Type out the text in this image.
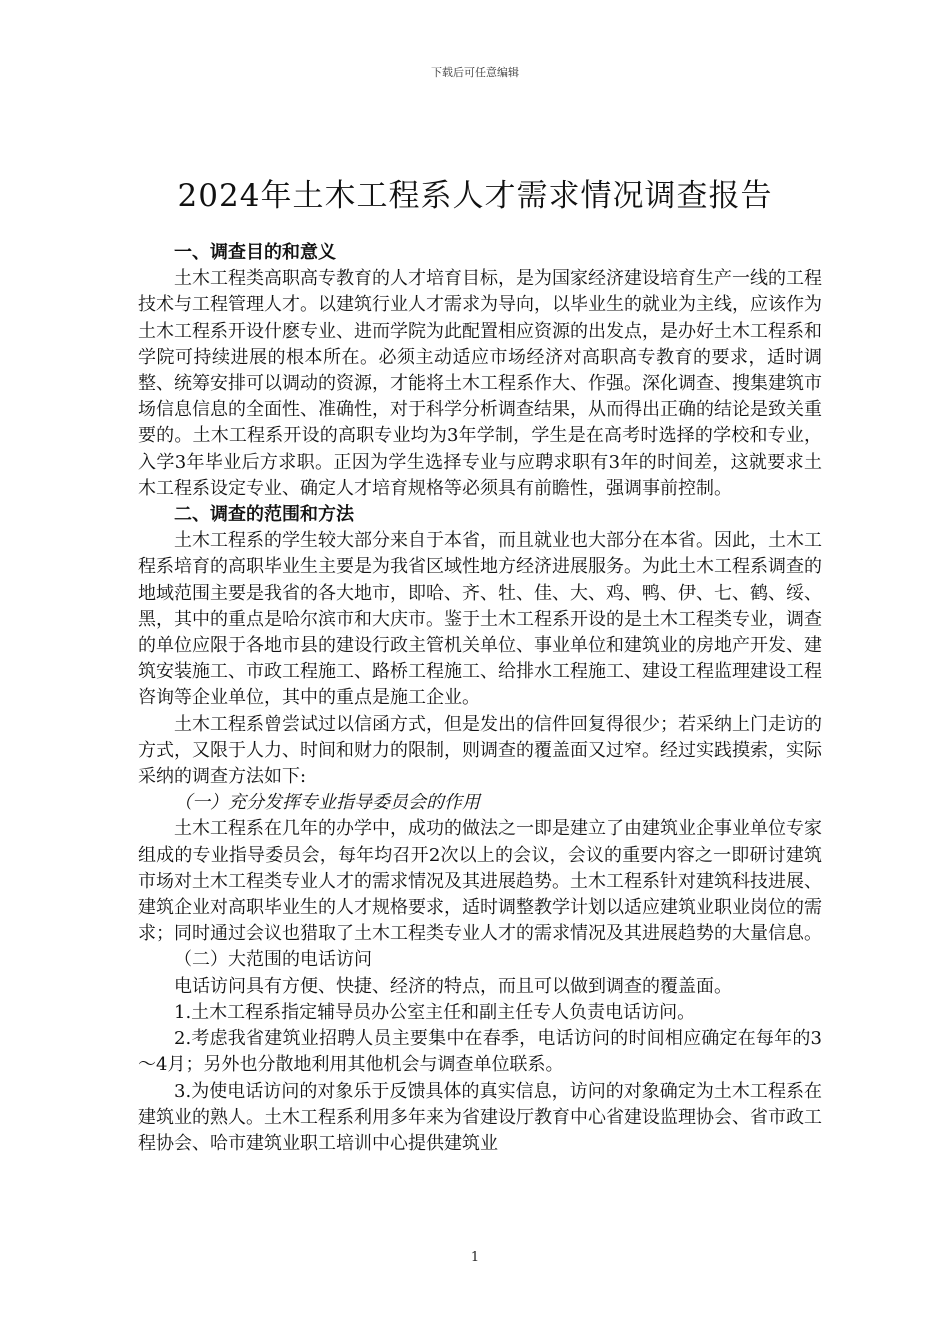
下载后可任意编辑
2024年土木工程系人才需求情况调查报告

一、调查目的和意义

土木工程类高职高专教育的人才培育目标，是为国家经济建设培育生产一线的工程技术与工程管理人才。以建筑行业人才需求为导向，以毕业生的就业为主线，应该作为土木工程系开设什麽专业、进而学院为此配置相应资源的出发点，是办好土木工程系和学院可持续进展的根本所在。必须主动适应市场经济对高职高专教育的要求，适时调整、统筹安排可以调动的资源，才能将土木工程系作大、作强。深化调查、搜集建筑市场信息信息的全面性、准确性，对于科学分析调查结果，从而得出正确的结论是致关重要的。土木工程系开设的高职专业均为3年学制，学生是在高考时选择的学校和专业，入学3年毕业后方求职。正因为学生选择专业与应聘求职有3年的时间差，这就要求土木工程系设定专业、确定人才培育规格等必须具有前瞻性，强调事前控制。

二、调查的范围和方法

土木工程系的学生较大部分来自于本省，而且就业也大部分在本省。因此，土木工程系培育的高职毕业生主要是为我省区域性地方经济进展服务。为此土木工程系调查的地域范围主要是我省的各大地市，即哈、齐、牡、佳、大、鸡、鸭、伊、七、鹤、绥、黑，其中的重点是哈尔滨市和大庆市。鉴于土木工程系开设的是土木工程类专业，调查的单位应限于各地市县的建设行政主管机关单位、事业单位和建筑业的房地产开发、建筑安装施工、市政工程施工、路桥工程施工、给排水工程施工、建设工程监理建设工程咨询等企业单位，其中的重点是施工企业。

土木工程系曾尝试过以信函方式，但是发出的信件回复得很少；若采纳上门走访的方式，又限于人力、时间和财力的限制，则调查的覆盖面又过窄。经过实践摸索，实际采纳的调查方法如下:

（一）充分发挥专业指导委员会的作用

土木工程系在几年的办学中，成功的做法之一即是建立了由建筑业企事业单位专家组成的专业指导委员会，每年均召开2次以上的会议，会议的重要内容之一即研讨建筑市场对土木工程类专业人才的需求情况及其进展趋势。土木工程系针对建筑科技进展、建筑企业对高职毕业生的人才规格要求，适时调整教学计划以适应建筑业职业岗位的需求；同时通过会议也猎取了土木工程类专业人才的需求情况及其进展趋势的大量信息。

（二）大范围的电话访问

电话访问具有方便、快捷、经济的特点，而且可以做到调查的覆盖面。

1.土木工程系指定辅导员办公室主任和副主任专人负责电话访问。

2.考虑我省建筑业招聘人员主要集中在春季，电话访问的时间相应确定在每年的3～4月；另外也分散地利用其他机会与调查单位联系。

3.为使电话访问的对象乐于反馈具体的真实信息，访问的对象确定为土木工程系在建筑业的熟人。土木工程系利用多年来为省建设厅教育中心省建设监理协会、省市政工程协会、哈市建筑业职工培训中心提供建筑业

1
